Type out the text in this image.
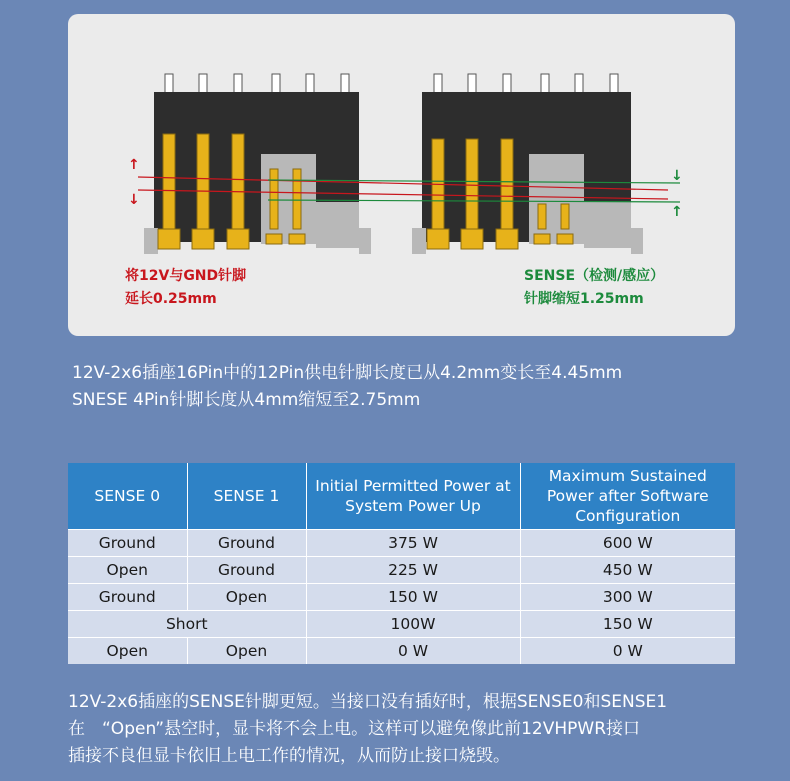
↑
↓
↓
↑
将12V与GND针脚
延长0.25mm
SENSE（检测/感应）
针脚缩短1.25mm
12V-2x6插座16Pin中的12Pin供电针脚长度已从4.2mm变长至4.45mm
SNESE 4Pin针脚长度从4mm缩短至2.75mm
SENSE 0	SENSE 1	Initial Permitted Power at System Power Up	Maximum Sustained Power after Software Configuration
Ground	Ground	375 W	600 W
Open	Ground	225 W	450 W
Ground	Open	150 W	300 W
Short		100W	150 W
Open	Open	0 W	0 W
12V-2x6插座的SENSE针脚更短。当接口没有插好时，根据SENSE0和SENSE1
在　“Open”悬空时，显卡将不会上电。这样可以避免像此前12VHPWR接口
插接不良但显卡依旧上电工作的情况，从而防止接口烧毁。
